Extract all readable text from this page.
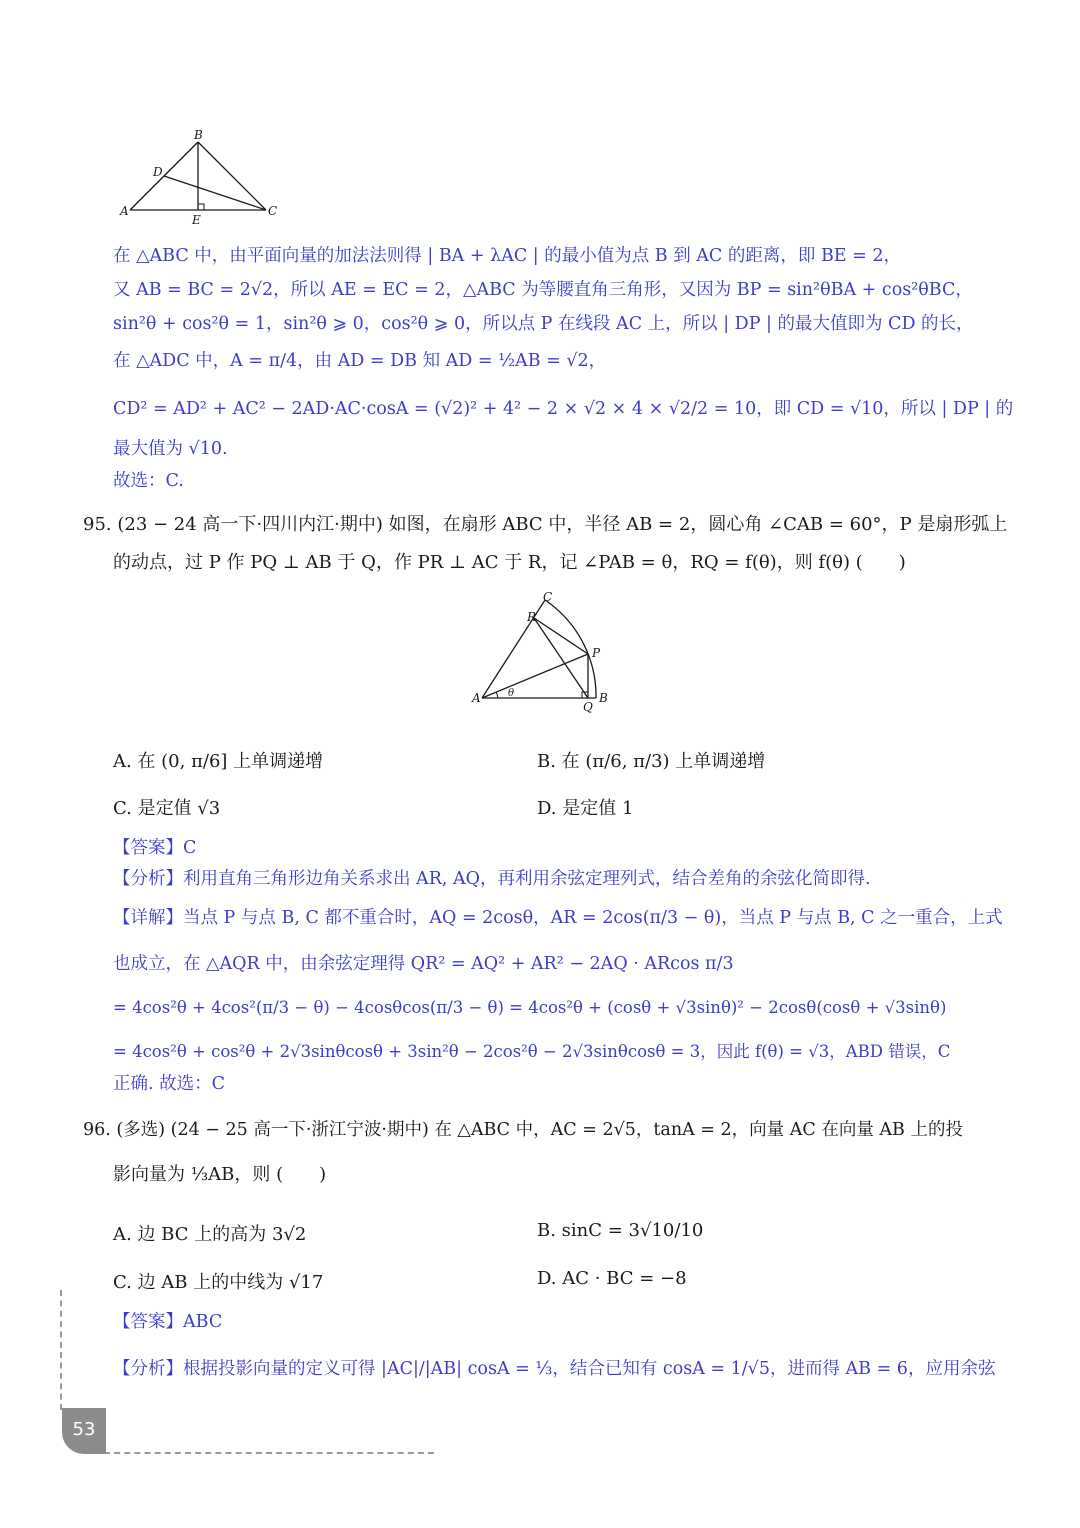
B
D
A
E
C
在 △ABC 中，由平面向量的加法法则得 | BA + λAC | 的最小值为点 B 到 AC 的距离，即 BE = 2，
又 AB = BC = 2√2，所以 AE = EC = 2，△ABC 为等腰直角三角形，又因为 BP = sin²θBA + cos²θBC，
sin²θ + cos²θ = 1，sin²θ ⩾ 0，cos²θ ⩾ 0，所以点 P 在线段 AC 上，所以 | DP | 的最大值即为 CD 的长，
在 △ADC 中，A = π/4，由 AD = DB 知 AD = ½AB = √2，
CD² = AD² + AC² − 2AD·AC·cosA = (√2)² + 4² − 2 × √2 × 4 × √2/2 = 10，即 CD = √10，所以 | DP | 的
最大值为 √10.
故选：C.
95. (23 − 24 高一下·四川内江·期中) 如图，在扇形 ABC 中，半径 AB = 2，圆心角 ∠CAB = 60°，P 是扇形弧上
的动点，过 P 作 PQ ⊥ AB 于 Q，作 PR ⊥ AC 于 R，记 ∠PAB = θ，RQ = f(θ)，则 f(θ) (　　)
C
R
P
A	θ
Q
B
A. 在 (0, π/6] 上单调递增	B. 在 (π/6, π/3) 上单调递增
C. 是定值 √3	D. 是定值 1
【答案】C
【分析】利用直角三角形边角关系求出 AR, AQ，再利用余弦定理列式，结合差角的余弦化简即得.
【详解】当点 P 与点 B, C 都不重合时，AQ = 2cosθ，AR = 2cos(π/3 − θ)，当点 P 与点 B, C 之一重合，上式
也成立，在 △AQR 中，由余弦定理得 QR² = AQ² + AR² − 2AQ · ARcos π/3
= 4cos²θ + 4cos²(π/3 − θ) − 4cosθcos(π/3 − θ) = 4cos²θ + (cosθ + √3sinθ)² − 2cosθ(cosθ + √3sinθ)
= 4cos²θ + cos²θ + 2√3sinθcosθ + 3sin²θ − 2cos²θ − 2√3sinθcosθ = 3，因此 f(θ) = √3，ABD 错误，C
正确. 故选：C
96. (多选) (24 − 25 高一下·浙江宁波·期中) 在 △ABC 中，AC = 2√5，tanA = 2，向量 AC 在向量 AB 上的投
影向量为 ⅓AB，则 (　　)
A. 边 BC 上的高为 3√2	B. sinC = 3√10/10
C. 边 AB 上的中线为 √17	D. AC · BC = −8
【答案】ABC
【分析】根据投影向量的定义可得 |AC|/|AB| cosA = ⅓，结合已知有 cosA = 1/√5，进而得 AB = 6，应用余弦
53
